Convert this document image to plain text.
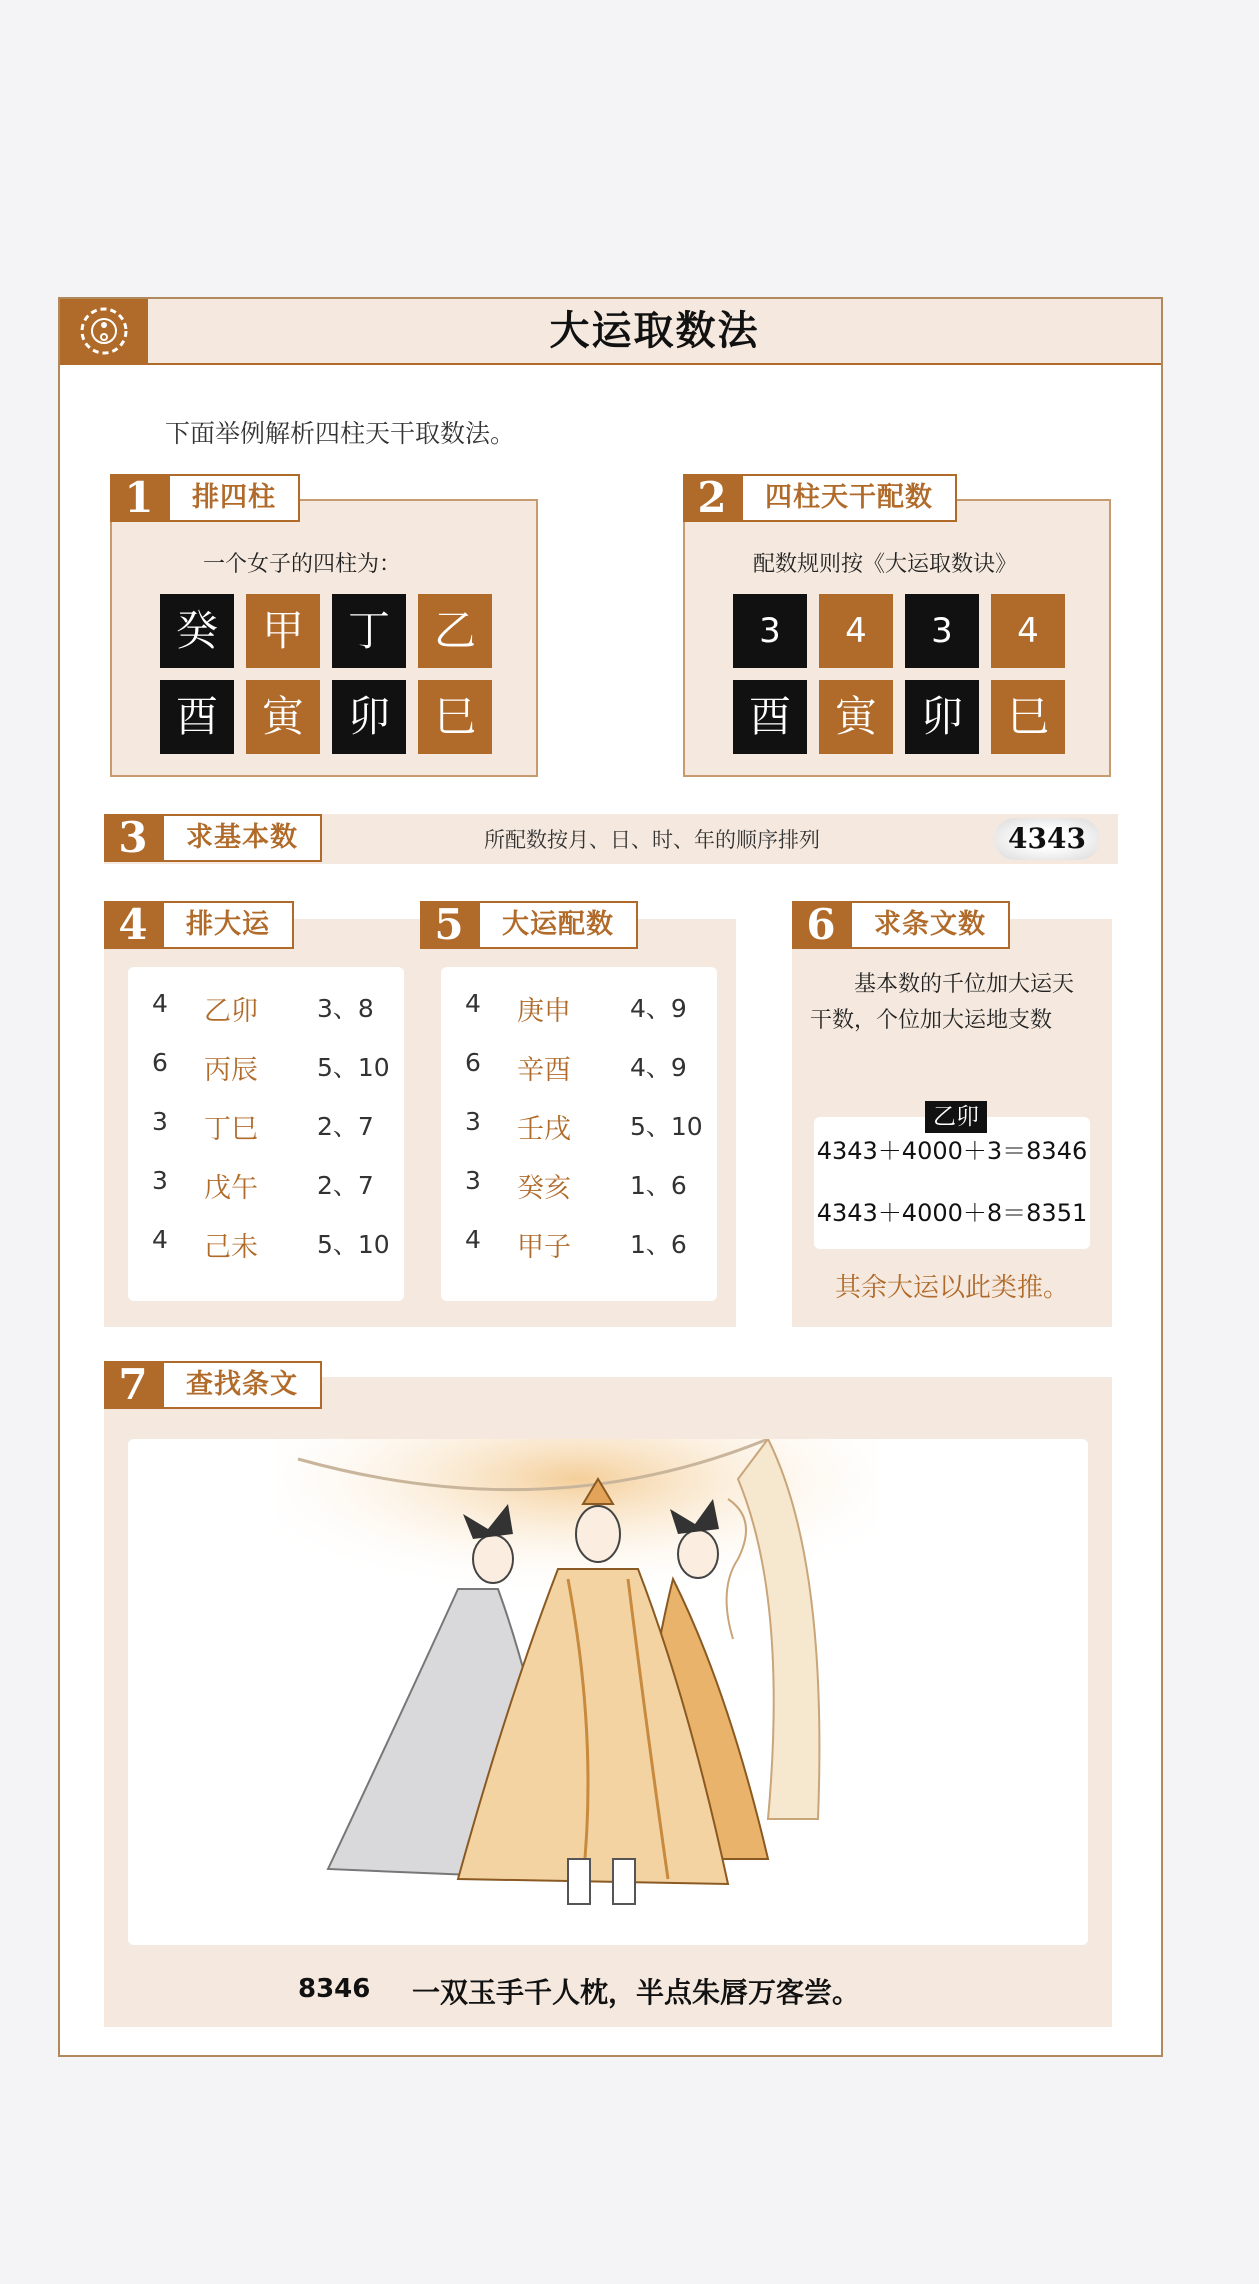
大运取数法
下面举例解析四柱天干取数法。
1	排四柱
一个女子的四柱为：
癸	甲	丁	乙
酉	寅	卯	巳
2	四柱天干配数
配数规则按《大运取数诀》
3	4	3	4
酉	寅	卯	巳
所配数按月、日、时、年的顺序排列	4343
3	求基本数
4	排大运	5	大运配数
4 乙卯 3、8
6 丙辰 5、10
3 丁巳 2、7
3 戊午 2、7
4 己未 5、10
4 庚申 4、9
6 辛酉 4、9
3 壬戌 5、10
3 癸亥 1、6
4 甲子 1、6
　　基本数的千位加大运天干数，个位加大运地支数
4343＋4000＋3＝8346
4343＋4000＋8＝8351
乙卯
其余大运以此类推。
6	求条文数
7	查找条文
8346 一双玉手千人枕，半点朱唇万客尝。
